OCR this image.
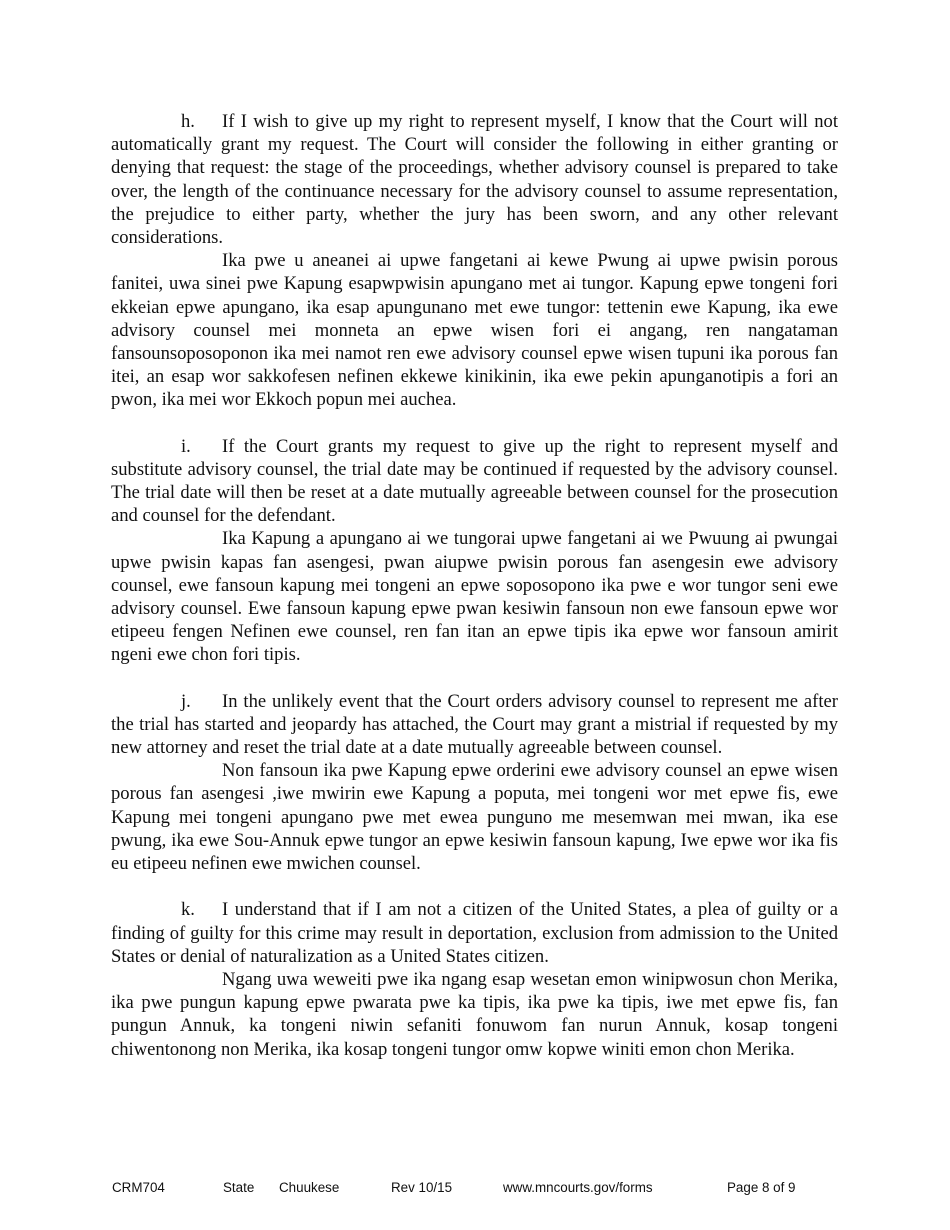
h. If I wish to give up my right to represent myself, I know that the Court will not automatically grant my request. The Court will consider the following in either granting or denying that request: the stage of the proceedings, whether advisory counsel is prepared to take over, the length of the continuance necessary for the advisory counsel to assume representation, the prejudice to either party, whether the jury has been sworn, and any other relevant considerations.

Ika pwe u aneanei ai upwe fangetani ai kewe Pwung ai upwe pwisin porous fanitei, uwa sinei pwe Kapung esapwpwisin apungano met ai tungor. Kapung epwe tongeni fori ekkeian epwe apungano, ika esap apungunano met ewe tungor: tettenin ewe Kapung, ika ewe advisory counsel mei monneta an epwe wisen fori ei angang, ren nangataman fansounsoposoponon ika mei namot ren ewe advisory counsel epwe wisen tupuni ika porous fan itei, an esap wor sakkofesen nefinen ekkewe kinikinin, ika ewe pekin apunganotipis a fori an pwon, ika mei wor Ekkoch popun mei auchea.

i. If the Court grants my request to give up the right to represent myself and substitute advisory counsel, the trial date may be continued if requested by the advisory counsel. The trial date will then be reset at a date mutually agreeable between counsel for the prosecution and counsel for the defendant.

Ika Kapung a apungano ai we tungorai upwe fangetani ai we Pwuung ai pwungai upwe pwisin kapas fan asengesi, pwan aiupwe pwisin porous fan asengesin ewe advisory counsel, ewe fansoun kapung mei tongeni an epwe soposopono ika pwe e wor tungor seni ewe advisory counsel. Ewe fansoun kapung epwe pwan kesiwin fansoun non ewe fansoun epwe wor etipeeu fengen Nefinen ewe counsel, ren fan itan an epwe tipis ika epwe wor fansoun amirit ngeni ewe chon fori tipis.

j. In the unlikely event that the Court orders advisory counsel to represent me after the trial has started and jeopardy has attached, the Court may grant a mistrial if requested by my new attorney and reset the trial date at a date mutually agreeable between counsel.

Non fansoun ika pwe Kapung epwe orderini ewe advisory counsel an epwe wisen porous fan asengesi ,iwe mwirin ewe Kapung a poputa, mei tongeni wor met epwe fis, ewe Kapung mei tongeni apungano pwe met ewea punguno me mesemwan mei mwan, ika ese pwung, ika ewe Sou-Annuk epwe tungor an epwe kesiwin fansoun kapung, Iwe epwe wor ika fis eu etipeeu nefinen ewe mwichen counsel.

k. I understand that if I am not a citizen of the United States, a plea of guilty or a finding of guilty for this crime may result in deportation, exclusion from admission to the United States or denial of naturalization as a United States citizen.

Ngang uwa weweiti pwe ika ngang esap wesetan emon winipwosun chon Merika, ika pwe pungun kapung epwe pwarata pwe ka tipis, ika pwe ka tipis, iwe met epwe fis, fan pungun Annuk, ka tongeni niwin sefaniti fonuwom fan nurun Annuk, kosap tongeni chiwentonong non Merika, ika kosap tongeni tungor omw kopwe winiti emon chon Merika.

CRM704	State Chuukese	Rev 10/15	www.mncourts.gov/forms	Page 8 of 9
